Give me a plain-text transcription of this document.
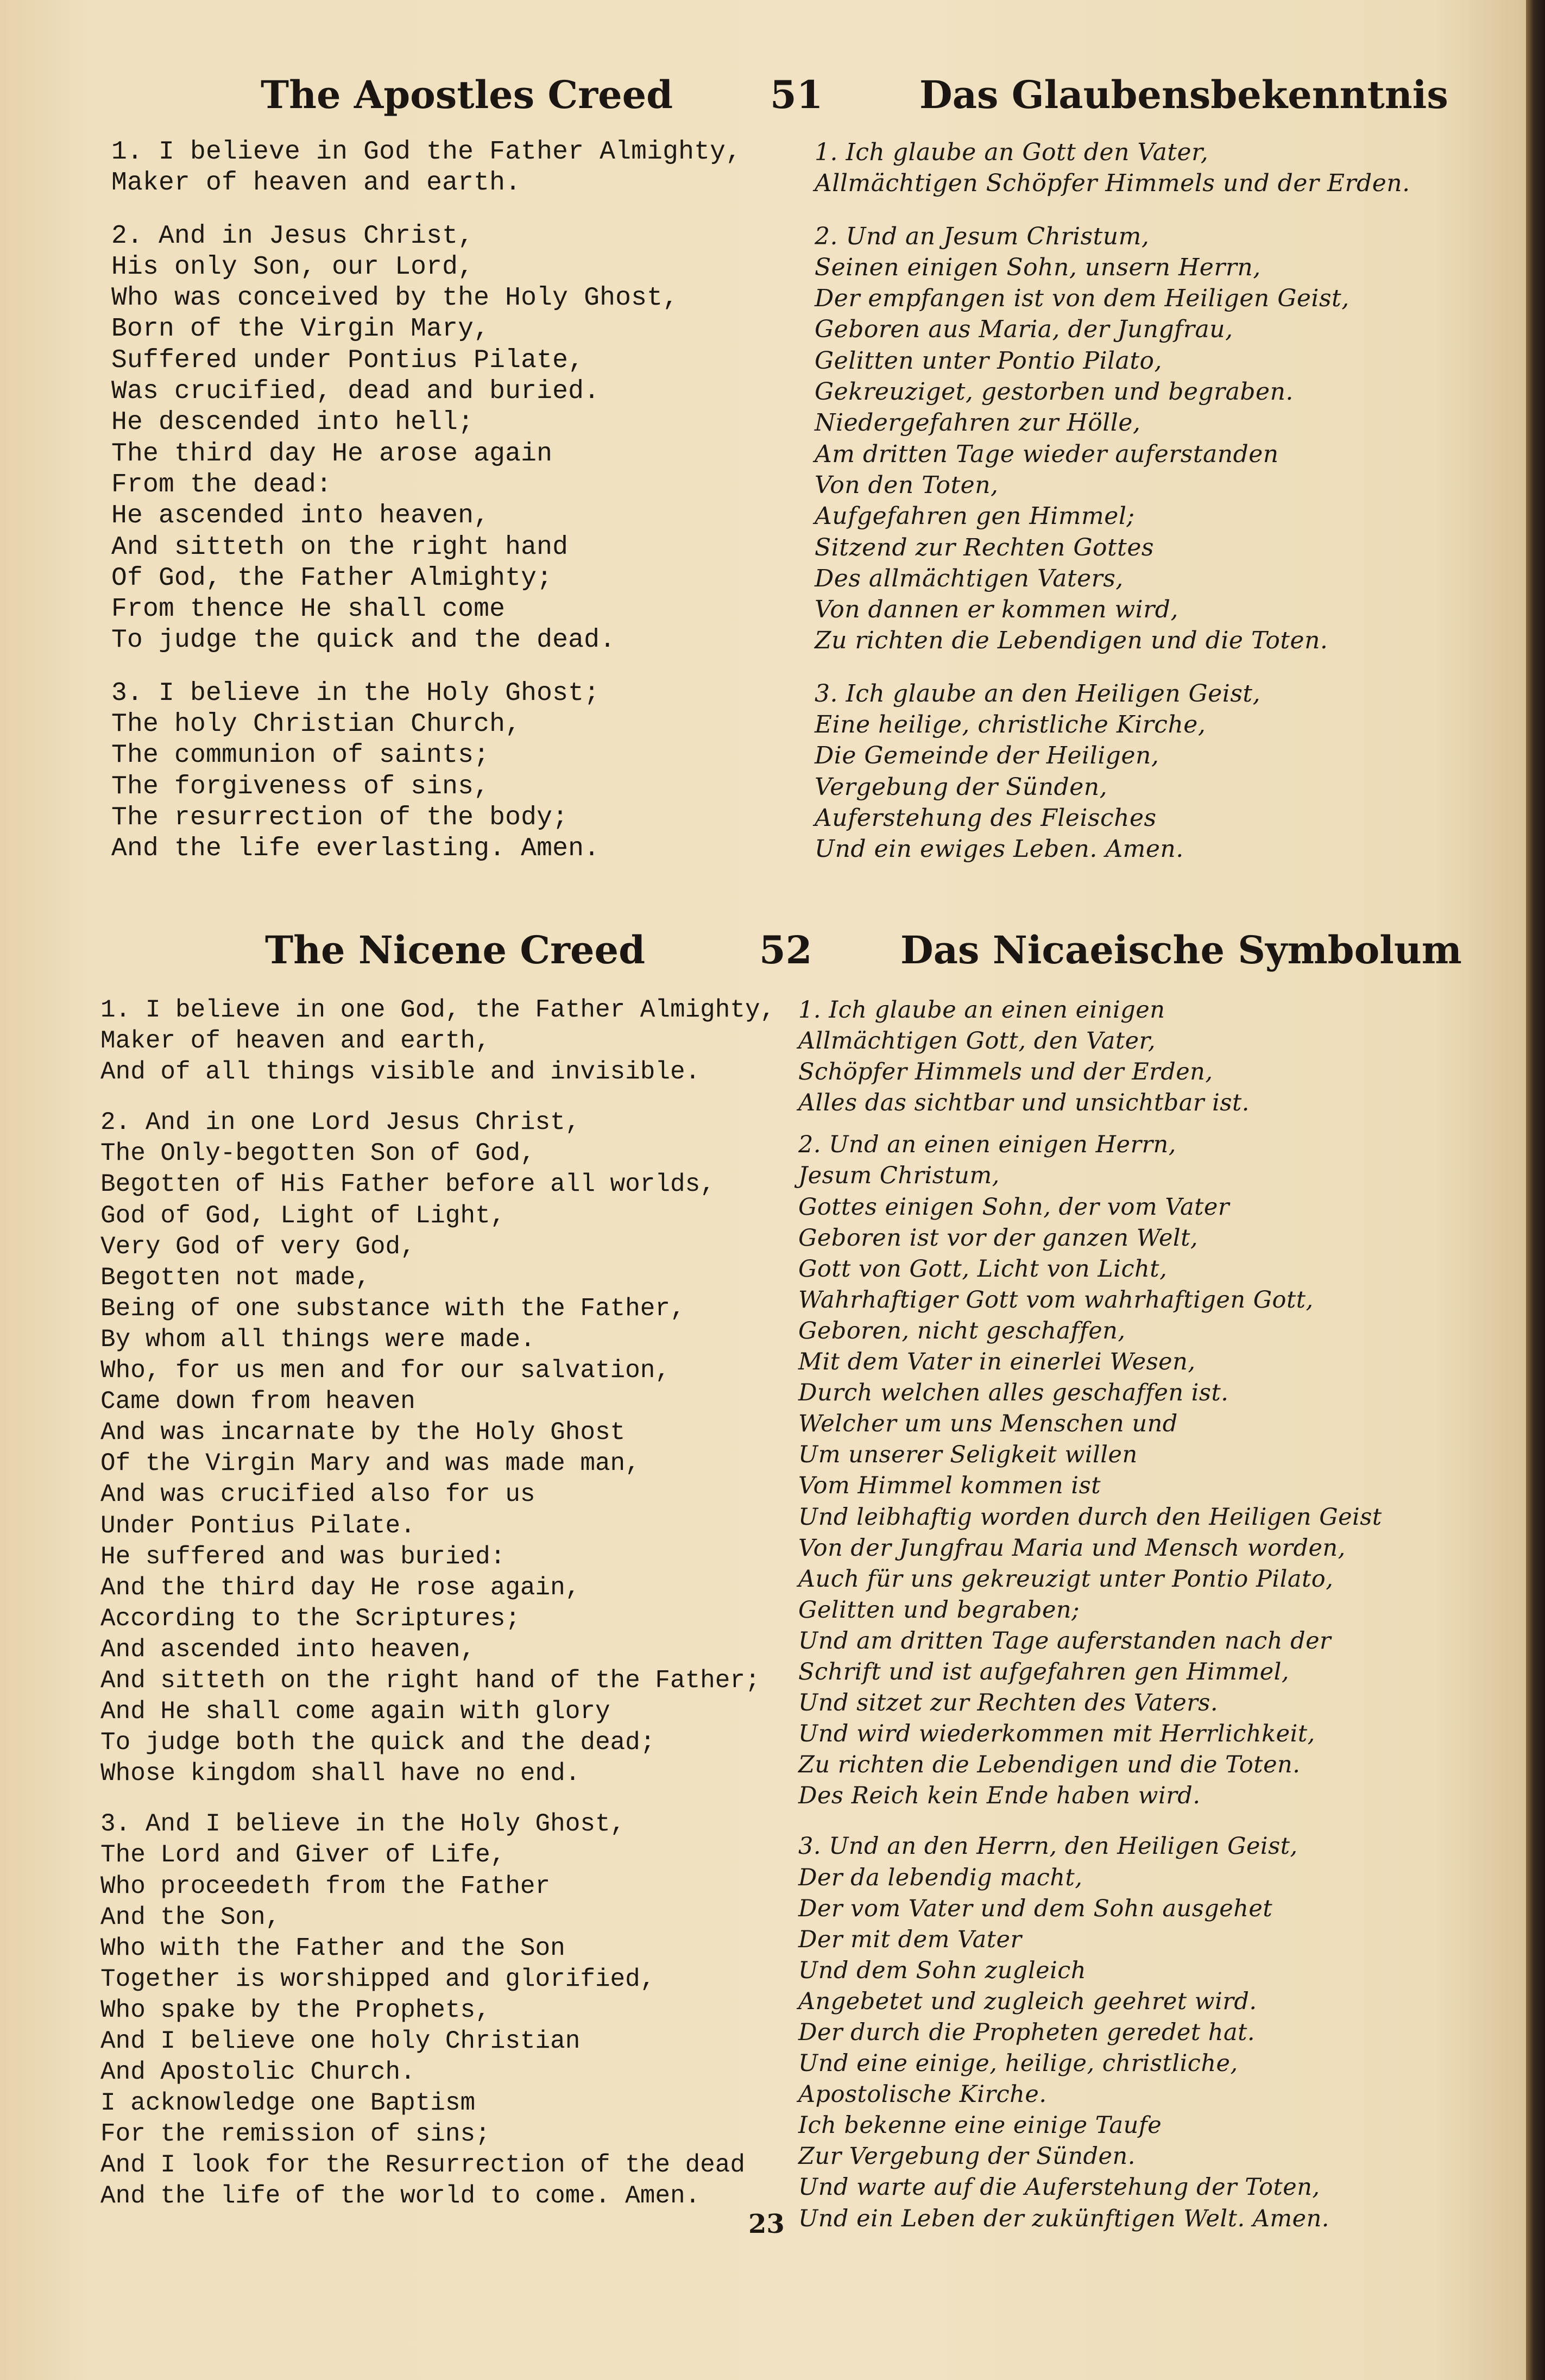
The Apostles Creed	51	Das Glaubensbekenntnis
1. I believe in God the Father Almighty,
Maker of heaven and earth.
2. And in Jesus Christ,
His only Son, our Lord,
Who was conceived by the Holy Ghost,
Born of the Virgin Mary,
Suffered under Pontius Pilate,
Was crucified, dead and buried.
He descended into hell;
The third day He arose again
From the dead:
He ascended into heaven,
And sitteth on the right hand
Of God, the Father Almighty;
From thence He shall come
To judge the quick and the dead.
3. I believe in the Holy Ghost;
The holy Christian Church,
The communion of saints;
The forgiveness of sins,
The resurrection of the body;
And the life everlasting. Amen.
1. Ich glaube an Gott den Vater,
Allmächtigen Schöpfer Himmels und der Erden.
2. Und an Jesum Christum,
Seinen einigen Sohn, unsern Herrn,
Der empfangen ist von dem Heiligen Geist,
Geboren aus Maria, der Jungfrau,
Gelitten unter Pontio Pilato,
Gekreuziget, gestorben und begraben.
Niedergefahren zur Hölle,
Am dritten Tage wieder auferstanden
Von den Toten,
Aufgefahren gen Himmel;
Sitzend zur Rechten Gottes
Des allmächtigen Vaters,
Von dannen er kommen wird,
Zu richten die Lebendigen und die Toten.
3. Ich glaube an den Heiligen Geist,
Eine heilige, christliche Kirche,
Die Gemeinde der Heiligen,
Vergebung der Sünden,
Auferstehung des Fleisches
Und ein ewiges Leben. Amen.
The Nicene Creed	52 Das Nicaeische Symbolum
1. I believe in one God, the Father Almighty,
Maker of heaven and earth,
And of all things visible and invisible.
2. And in one Lord Jesus Christ,
The Only-begotten Son of God,
Begotten of His Father before all worlds,
God of God, Light of Light,
Very God of very God,
Begotten not made,
Being of one substance with the Father,
By whom all things were made.
Who, for us men and for our salvation,
Came down from heaven
And was incarnate by the Holy Ghost
Of the Virgin Mary and was made man,
And was crucified also for us
Under Pontius Pilate.
He suffered and was buried:
And the third day He rose again,
According to the Scriptures;
And ascended into heaven,
And sitteth on the right hand of the Father;
And He shall come again with glory
To judge both the quick and the dead;
Whose kingdom shall have no end.
3. And I believe in the Holy Ghost,
The Lord and Giver of Life,
Who proceedeth from the Father
And the Son,
Who with the Father and the Son
Together is worshipped and glorified,
Who spake by the Prophets,
And I believe one holy Christian
And Apostolic Church.
I acknowledge one Baptism
For the remission of sins;
And I look for the Resurrection of the dead
And the life of the world to come. Amen.
1. Ich glaube an einen einigen
Allmächtigen Gott, den Vater,
Schöpfer Himmels und der Erden,
Alles das sichtbar und unsichtbar ist.
2. Und an einen einigen Herrn,
Jesum Christum,
Gottes einigen Sohn, der vom Vater
Geboren ist vor der ganzen Welt,
Gott von Gott, Licht von Licht,
Wahrhaftiger Gott vom wahrhaftigen Gott,
Geboren, nicht geschaffen,
Mit dem Vater in einerlei Wesen,
Durch welchen alles geschaffen ist.
Welcher um uns Menschen und
Um unserer Seligkeit willen
Vom Himmel kommen ist
Und leibhaftig worden durch den Heiligen Geist
Von der Jungfrau Maria und Mensch worden,
Auch für uns gekreuzigt unter Pontio Pilato,
Gelitten und begraben;
Und am dritten Tage auferstanden nach der
Schrift und ist aufgefahren gen Himmel,
Und sitzet zur Rechten des Vaters.
Und wird wiederkommen mit Herrlichkeit,
Zu richten die Lebendigen und die Toten.
Des Reich kein Ende haben wird.
3. Und an den Herrn, den Heiligen Geist,
Der da lebendig macht,
Der vom Vater und dem Sohn ausgehet
Der mit dem Vater
Und dem Sohn zugleich
Angebetet und zugleich geehret wird.
Der durch die Propheten geredet hat.
Und eine einige, heilige, christliche,
Apostolische Kirche.
Ich bekenne eine einige Taufe
Zur Vergebung der Sünden.
Und warte auf die Auferstehung der Toten,
Und ein Leben der zukünftigen Welt. Amen.
23
